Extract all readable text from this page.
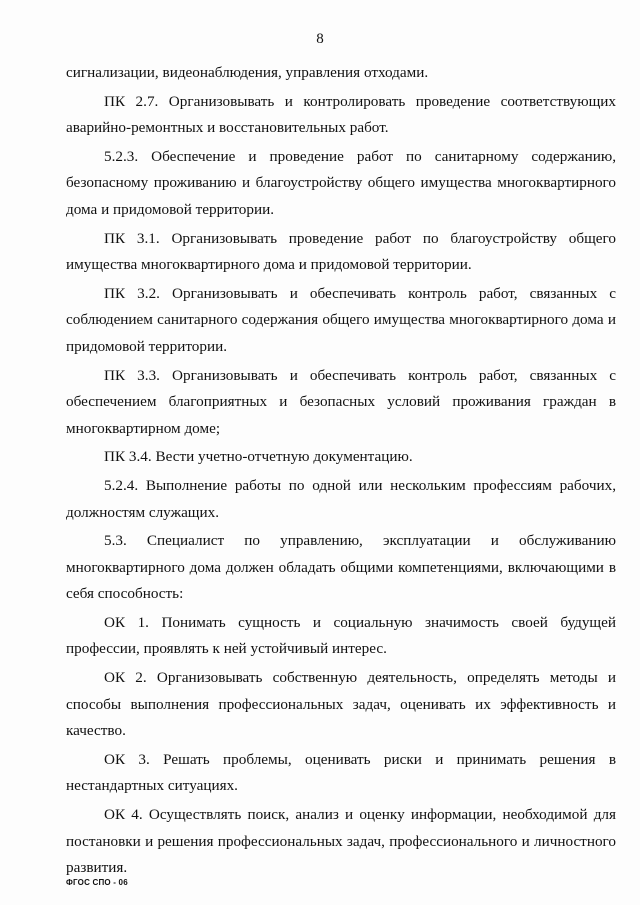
8

сигнализации, видеонаблюдения, управления отходами.

ПК 2.7. Организовывать и контролировать проведение соответствующих аварийно-ремонтных и восстановительных работ.

5.2.3. Обеспечение и проведение работ по санитарному содержанию, безопасному проживанию и благоустройству общего имущества многоквартирного дома и придомовой территории.

ПК 3.1. Организовывать проведение работ по благоустройству общего имущества многоквартирного дома и придомовой территории.

ПК 3.2. Организовывать и обеспечивать контроль работ, связанных с соблюдением санитарного содержания общего имущества многоквартирного дома и придомовой территории.

ПК 3.3. Организовывать и обеспечивать контроль работ, связанных с обеспечением благоприятных и безопасных условий проживания граждан в многоквартирном доме;

ПК 3.4. Вести учетно-отчетную документацию.

5.2.4. Выполнение работы по одной или нескольким профессиям рабочих, должностям служащих.

5.3. Специалист по управлению, эксплуатации и обслуживанию многоквартирного дома должен обладать общими компетенциями, включающими в себя способность:

ОК 1. Понимать сущность и социальную значимость своей будущей профессии, проявлять к ней устойчивый интерес.

ОК 2. Организовывать собственную деятельность, определять методы и способы выполнения профессиональных задач, оценивать их эффективность и качество.

ОК 3. Решать проблемы, оценивать риски и принимать решения в нестандартных ситуациях.

ОК 4. Осуществлять поиск, анализ и оценку информации, необходимой для постановки и решения профессиональных задач, профессионального и личностного развития.

ФГОС СПО - 06
